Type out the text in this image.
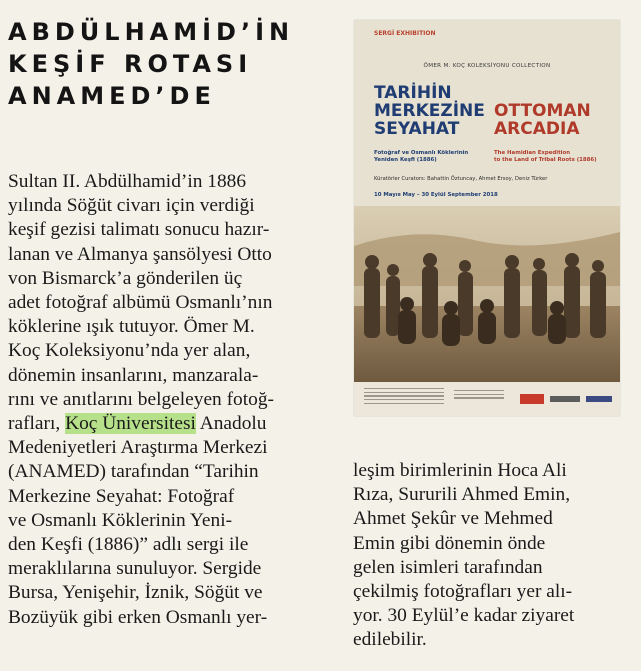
ABDÜLHAMİD’İN
KEŞİF ROTASI
ANAMED’DE
SERGİ EXHIBITION
ÖMER M. KOÇ KOLEKSİYONU COLLECTION
TARİHİN
MERKEZİNE
SEYAHAT
OTTOMAN
ARCADIA
Fotoğraf ve Osmanlı Köklerinin
Yeniden Keşfi (1886)
The Hamidian Expedition
to the Land of Tribal Roots (1886)
Küratörler Curators: Bahattin Öztuncay, Ahmet Ersoy, Deniz Türker
10 Mayıs May – 30 Eylül September 2018
Sultan II. Abdülhamid’in 1886
yılında Söğüt civarı için verdiği
keşif gezisi talimatı sonucu hazır-
lanan ve Almanya şansölyesi Otto
von Bismarck’a gönderilen üç
adet fotoğraf albümü Osmanlı’nın
köklerine ışık tutuyor. Ömer M.
Koç Koleksiyonu’nda yer alan,
dönemin insanlarını, manzarala-
rını ve anıtlarını belgeleyen fotoğ-
rafları, Koç Üniversitesi Anadolu
Medeniyetleri Araştırma Merkezi
(ANAMED) tarafından “Tarihin
Merkezine Seyahat: Fotoğraf
ve Osmanlı Köklerinin Yeni-
den Keşfi (1886)” adlı sergi ile
meraklılarına sunuluyor. Sergide
Bursa, Yenişehir, İznik, Söğüt ve
Bozüyük gibi erken Osmanlı yer-
leşim birimlerinin Hoca Ali
Rıza, Sururili Ahmed Emin,
Ahmet Şekûr ve Mehmed
Emin gibi dönemin önde
gelen isimleri tarafından
çekilmiş fotoğrafları yer alı-
yor. 30 Eylül’e kadar ziyaret
edilebilir.
